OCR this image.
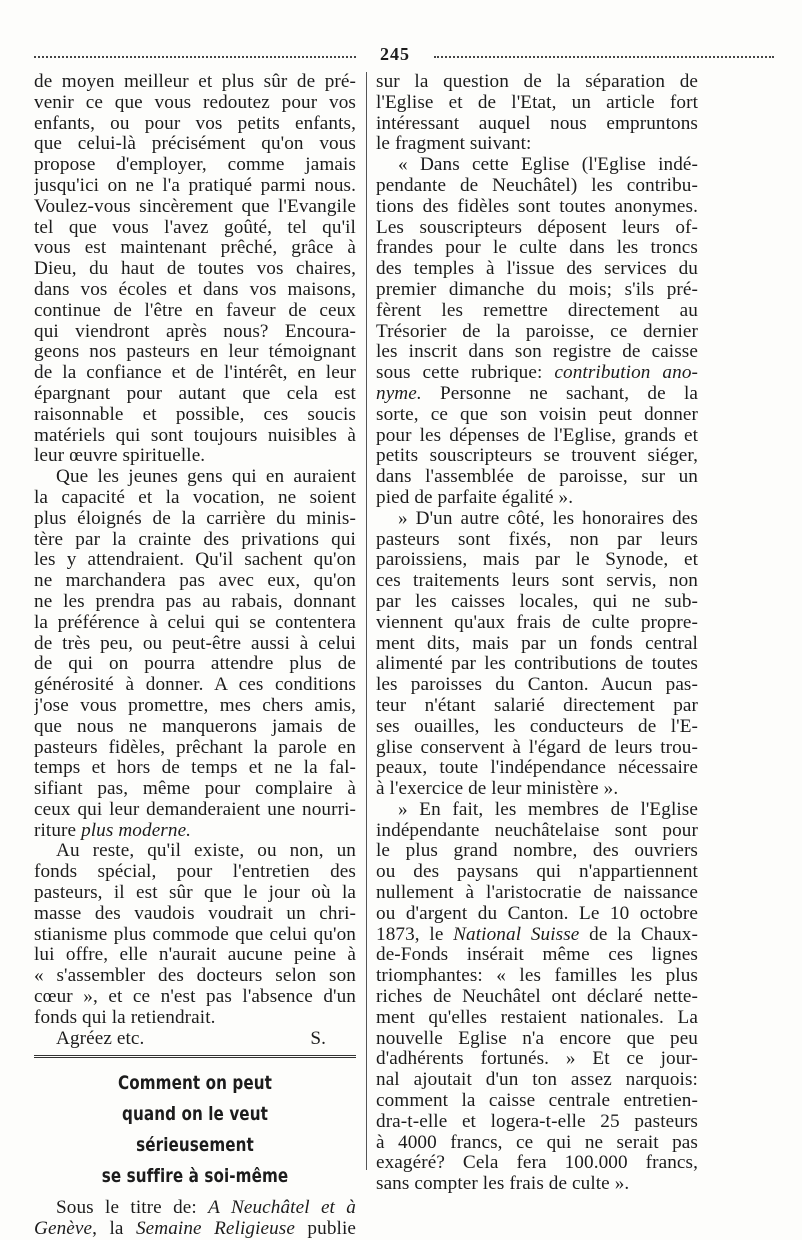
245
de moyen meilleur et plus sûr de pré-
venir ce que vous redoutez pour vos
enfants, ou pour vos petits enfants,
que celui-là précisément qu'on vous
propose d'employer, comme jamais
jusqu'ici on ne l'a pratiqué parmi nous.
Voulez-vous sincèrement que l'Evangile
tel que vous l'avez goûté, tel qu'il
vous est maintenant prêché, grâce à
Dieu, du haut de toutes vos chaires,
dans vos écoles et dans vos maisons,
continue de l'être en faveur de ceux
qui viendront après nous? Encoura-
geons nos pasteurs en leur témoignant
de la confiance et de l'intérêt, en leur
épargnant pour autant que cela est
raisonnable et possible, ces soucis
matériels qui sont toujours nuisibles à
leur œuvre spirituelle.
Que les jeunes gens qui en auraient
la capacité et la vocation, ne soient
plus éloignés de la carrière du minis-
tère par la crainte des privations qui
les y attendraient. Qu'il sachent qu'on
ne marchandera pas avec eux, qu'on
ne les prendra pas au rabais, donnant
la préférence à celui qui se contentera
de très peu, ou peut-être aussi à celui
de qui on pourra attendre plus de
générosité à donner. A ces conditions
j'ose vous promettre, mes chers amis,
que nous ne manquerons jamais de
pasteurs fidèles, prêchant la parole en
temps et hors de temps et ne la fal-
sifiant pas, même pour complaire à
ceux qui leur demanderaient une nourri-
riture plus moderne.
Au reste, qu'il existe, ou non, un
fonds spécial, pour l'entretien des
pasteurs, il est sûr que le jour où la
masse des vaudois voudrait un chri-
stianisme plus commode que celui qu'on
lui offre, elle n'aurait aucune peine à
« s'assembler des docteurs selon son
cœur », et ce n'est pas l'absence d'un
fonds qui la retiendrait.
Agréez etc.	S.
Comment on peut
quand on le veut sérieusement
se suffire à soi-même
Sous le titre de: A Neuchâtel et à
Genève, la Semaine Religieuse publie
sur la question de la séparation de
l'Eglise et de l'Etat, un article fort
intéressant auquel nous empruntons
le fragment suivant:
« Dans cette Eglise (l'Eglise indé-
pendante de Neuchâtel) les contribu-
tions des fidèles sont toutes anonymes.
Les souscripteurs déposent leurs of-
frandes pour le culte dans les troncs
des temples à l'issue des services du
premier dimanche du mois; s'ils pré-
fèrent les remettre directement au
Trésorier de la paroisse, ce dernier
les inscrit dans son registre de caisse
sous cette rubrique: contribution ano-
nyme. Personne ne sachant, de la
sorte, ce que son voisin peut donner
pour les dépenses de l'Eglise, grands et
petits souscripteurs se trouvent siéger,
dans l'assemblée de paroisse, sur un
pied de parfaite égalité ».
» D'un autre côté, les honoraires des
pasteurs sont fixés, non par leurs
paroissiens, mais par le Synode, et
ces traitements leurs sont servis, non
par les caisses locales, qui ne sub-
viennent qu'aux frais de culte propre-
ment dits, mais par un fonds central
alimenté par les contributions de toutes
les paroisses du Canton. Aucun pas-
teur n'étant salarié directement par
ses ouailles, les conducteurs de l'E-
glise conservent à l'égard de leurs trou-
peaux, toute l'indépendance nécessaire
à l'exercice de leur ministère ».
» En fait, les membres de l'Eglise
indépendante neuchâtelaise sont pour
le plus grand nombre, des ouvriers
ou des paysans qui n'appartiennent
nullement à l'aristocratie de naissance
ou d'argent du Canton. Le 10 octobre
1873, le National Suisse de la Chaux-
de-Fonds insérait même ces lignes
triomphantes: « les familles les plus
riches de Neuchâtel ont déclaré nette-
ment qu'elles restaient nationales. La
nouvelle Eglise n'a encore que peu
d'adhérents fortunés. » Et ce jour-
nal ajoutait d'un ton assez narquois:
comment la caisse centrale entretien-
dra-t-elle et logera-t-elle 25 pasteurs
à 4000 francs, ce qui ne serait pas
exagéré? Cela fera 100.000 francs,
sans compter les frais de culte ».
